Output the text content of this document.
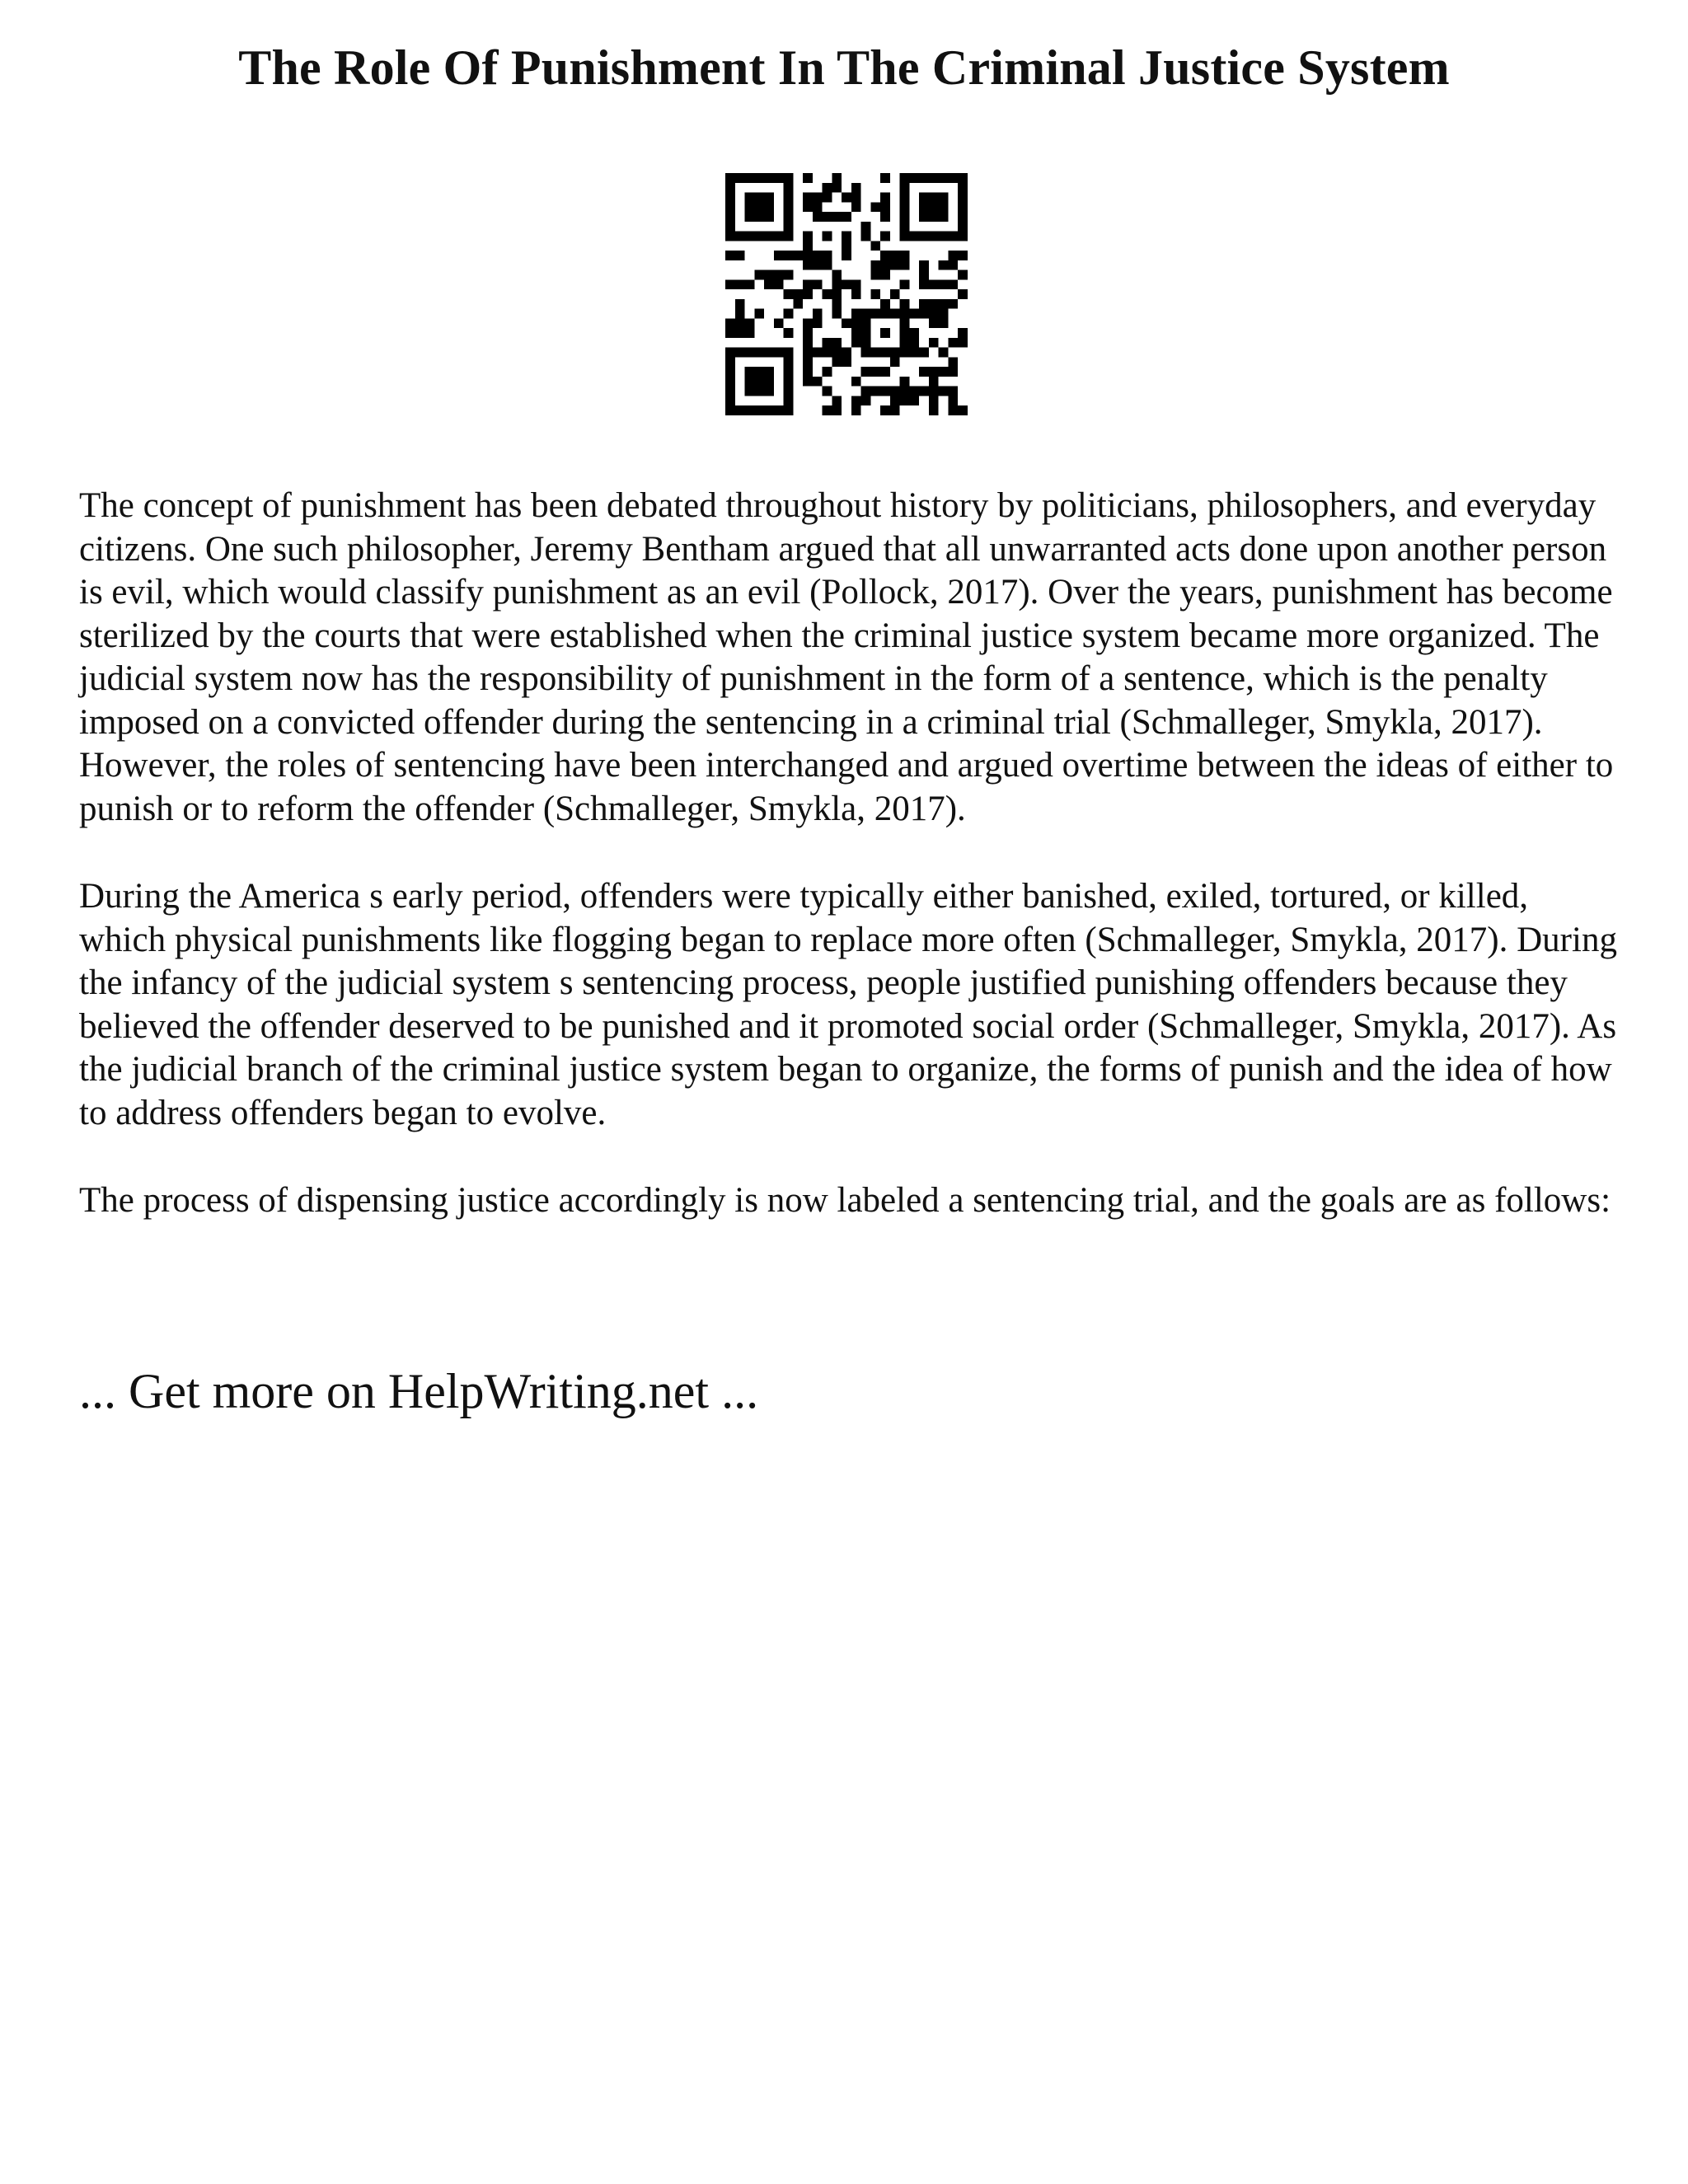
The Role Of Punishment In The Criminal Justice System

The concept of punishment has been debated throughout history by politicians, philosophers, and everyday citizens. One such philosopher, Jeremy Bentham argued that all unwarranted acts done upon another person is evil, which would classify punishment as an evil (Pollock, 2017). Over the years, punishment has become sterilized by the courts that were established when the criminal justice system became more organized. The judicial system now has the responsibility of punishment in the form of a sentence, which is the penalty imposed on a convicted offender during the sentencing in a criminal trial (Schmalleger, Smykla, 2017). However, the roles of sentencing have been interchanged and argued overtime between the ideas of either to punish or to reform the offender (Schmalleger, Smykla, 2017).

During the America s early period, offenders were typically either banished, exiled, tortured, or killed, which physical punishments like flogging began to replace more often (Schmalleger, Smykla, 2017). During the infancy of the judicial system s sentencing process, people justified punishing offenders because they believed the offender deserved to be punished and it promoted social order (Schmalleger, Smykla, 2017). As the judicial branch of the criminal justice system began to organize, the forms of punish and the idea of how to address offenders began to evolve.

The process of dispensing justice accordingly is now labeled a sentencing trial, and the goals are as follows:

... Get more on HelpWriting.net ...
